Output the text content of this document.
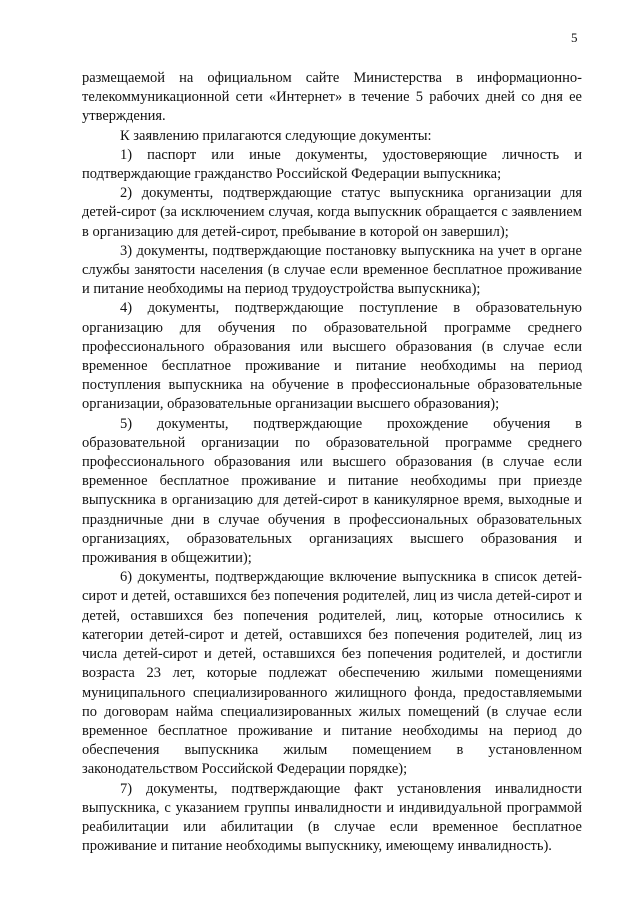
5

размещаемой на официальном сайте Министерства в информационно-телекоммуникационной сети «Интернет» в течение 5 рабочих дней со дня ее утверждения.

К заявлению прилагаются следующие документы:

1) паспорт или иные документы, удостоверяющие личность и подтверждающие гражданство Российской Федерации выпускника;

2) документы, подтверждающие статус выпускника организации для детей-сирот (за исключением случая, когда выпускник обращается с заявлением в организацию для детей-сирот, пребывание в которой он завершил);

3) документы, подтверждающие постановку выпускника на учет в органе службы занятости населения (в случае если временное бесплатное проживание и питание необходимы на период трудоустройства выпускника);

4) документы, подтверждающие поступление в образовательную организацию для обучения по образовательной программе среднего профессионального образования или высшего образования (в случае если временное бесплатное проживание и питание необходимы на период поступления выпускника на обучение в профессиональные образовательные организации, образовательные организации высшего образования);

5) документы, подтверждающие прохождение обучения в образовательной организации по образовательной программе среднего профессионального образования или высшего образования (в случае если временное бесплатное проживание и питание необходимы при приезде выпускника в организацию для детей-сирот в каникулярное время, выходные и праздничные дни в случае обучения в профессиональных образовательных организациях, образовательных организациях высшего образования и проживания в общежитии);

6) документы, подтверждающие включение выпускника в список детей-сирот и детей, оставшихся без попечения родителей, лиц из числа детей-сирот и детей, оставшихся без попечения родителей, лиц, которые относились к категории детей-сирот и детей, оставшихся без попечения родителей, лиц из числа детей-сирот и детей, оставшихся без попечения родителей, и достигли возраста 23 лет, которые подлежат обеспечению жилыми помещениями муниципального специализированного жилищного фонда, предоставляемыми по договорам найма специализированных жилых помещений (в случае если временное бесплатное проживание и питание необходимы на период до обеспечения выпускника жилым помещением в установленном законодательством Российской Федерации порядке);

7) документы, подтверждающие факт установления инвалидности выпускника, с указанием группы инвалидности и индивидуальной программой реабилитации или абилитации (в случае если временное бесплатное проживание и питание необходимы выпускнику, имеющему инвалидность).
